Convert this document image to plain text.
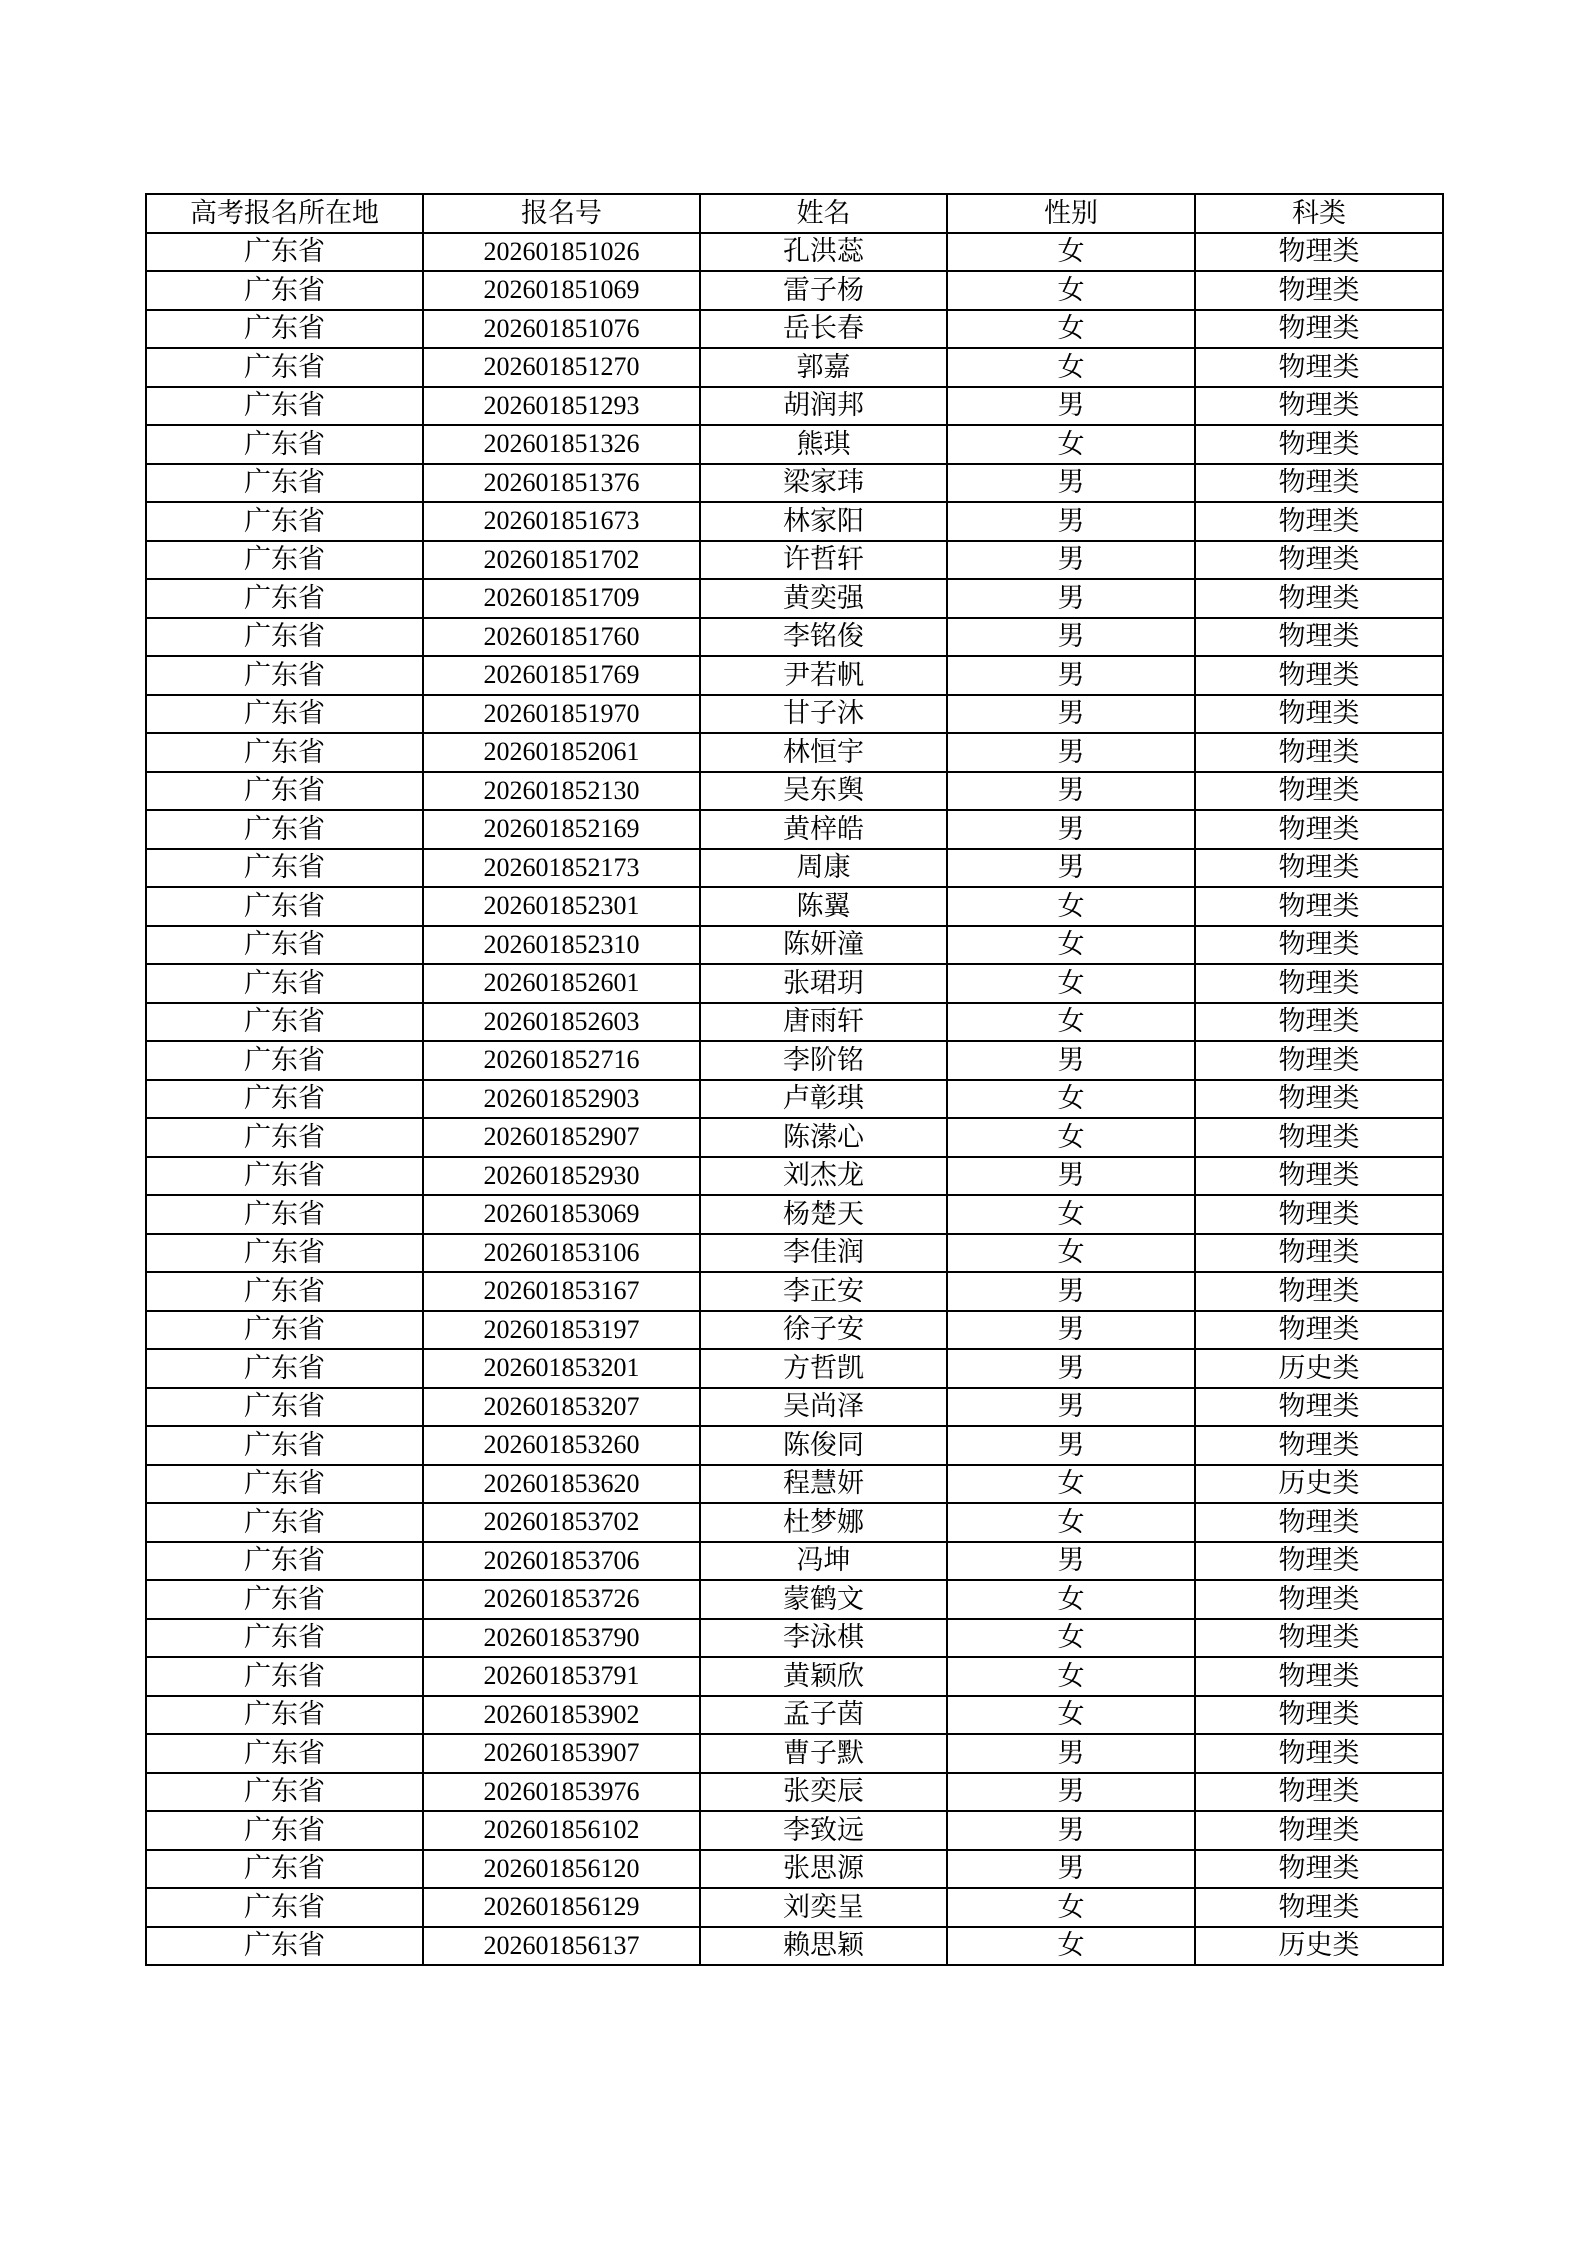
高考报名所在地	报名号	姓名	性别	科类
广东省	202601851026	孔洪蕊	女	物理类
广东省	202601851069	雷子杨	女	物理类
广东省	202601851076	岳长春	女	物理类
广东省	202601851270	郭嘉	女	物理类
广东省	202601851293	胡润邦	男	物理类
广东省	202601851326	熊琪	女	物理类
广东省	202601851376	梁家玮	男	物理类
广东省	202601851673	林家阳	男	物理类
广东省	202601851702	许哲轩	男	物理类
广东省	202601851709	黄奕强	男	物理类
广东省	202601851760	李铭俊	男	物理类
广东省	202601851769	尹若帆	男	物理类
广东省	202601851970	甘子沐	男	物理类
广东省	202601852061	林恒宇	男	物理类
广东省	202601852130	吴东舆	男	物理类
广东省	202601852169	黄梓皓	男	物理类
广东省	202601852173	周康	男	物理类
广东省	202601852301	陈翼	女	物理类
广东省	202601852310	陈妍潼	女	物理类
广东省	202601852601	张珺玥	女	物理类
广东省	202601852603	唐雨轩	女	物理类
广东省	202601852716	李阶铭	男	物理类
广东省	202601852903	卢彰琪	女	物理类
广东省	202601852907	陈潆心	女	物理类
广东省	202601852930	刘杰龙	男	物理类
广东省	202601853069	杨楚天	女	物理类
广东省	202601853106	李佳润	女	物理类
广东省	202601853167	李正安	男	物理类
广东省	202601853197	徐子安	男	物理类
广东省	202601853201	方哲凯	男	历史类
广东省	202601853207	吴尚泽	男	物理类
广东省	202601853260	陈俊同	男	物理类
广东省	202601853620	程慧妍	女	历史类
广东省	202601853702	杜梦娜	女	物理类
广东省	202601853706	冯坤	男	物理类
广东省	202601853726	蒙鹤文	女	物理类
广东省	202601853790	李泳棋	女	物理类
广东省	202601853791	黄颖欣	女	物理类
广东省	202601853902	孟子茵	女	物理类
广东省	202601853907	曹子默	男	物理类
广东省	202601853976	张奕辰	男	物理类
广东省	202601856102	李致远	男	物理类
广东省	202601856120	张思源	男	物理类
广东省	202601856129	刘奕呈	女	物理类
广东省	202601856137	赖思颖	女	历史类
